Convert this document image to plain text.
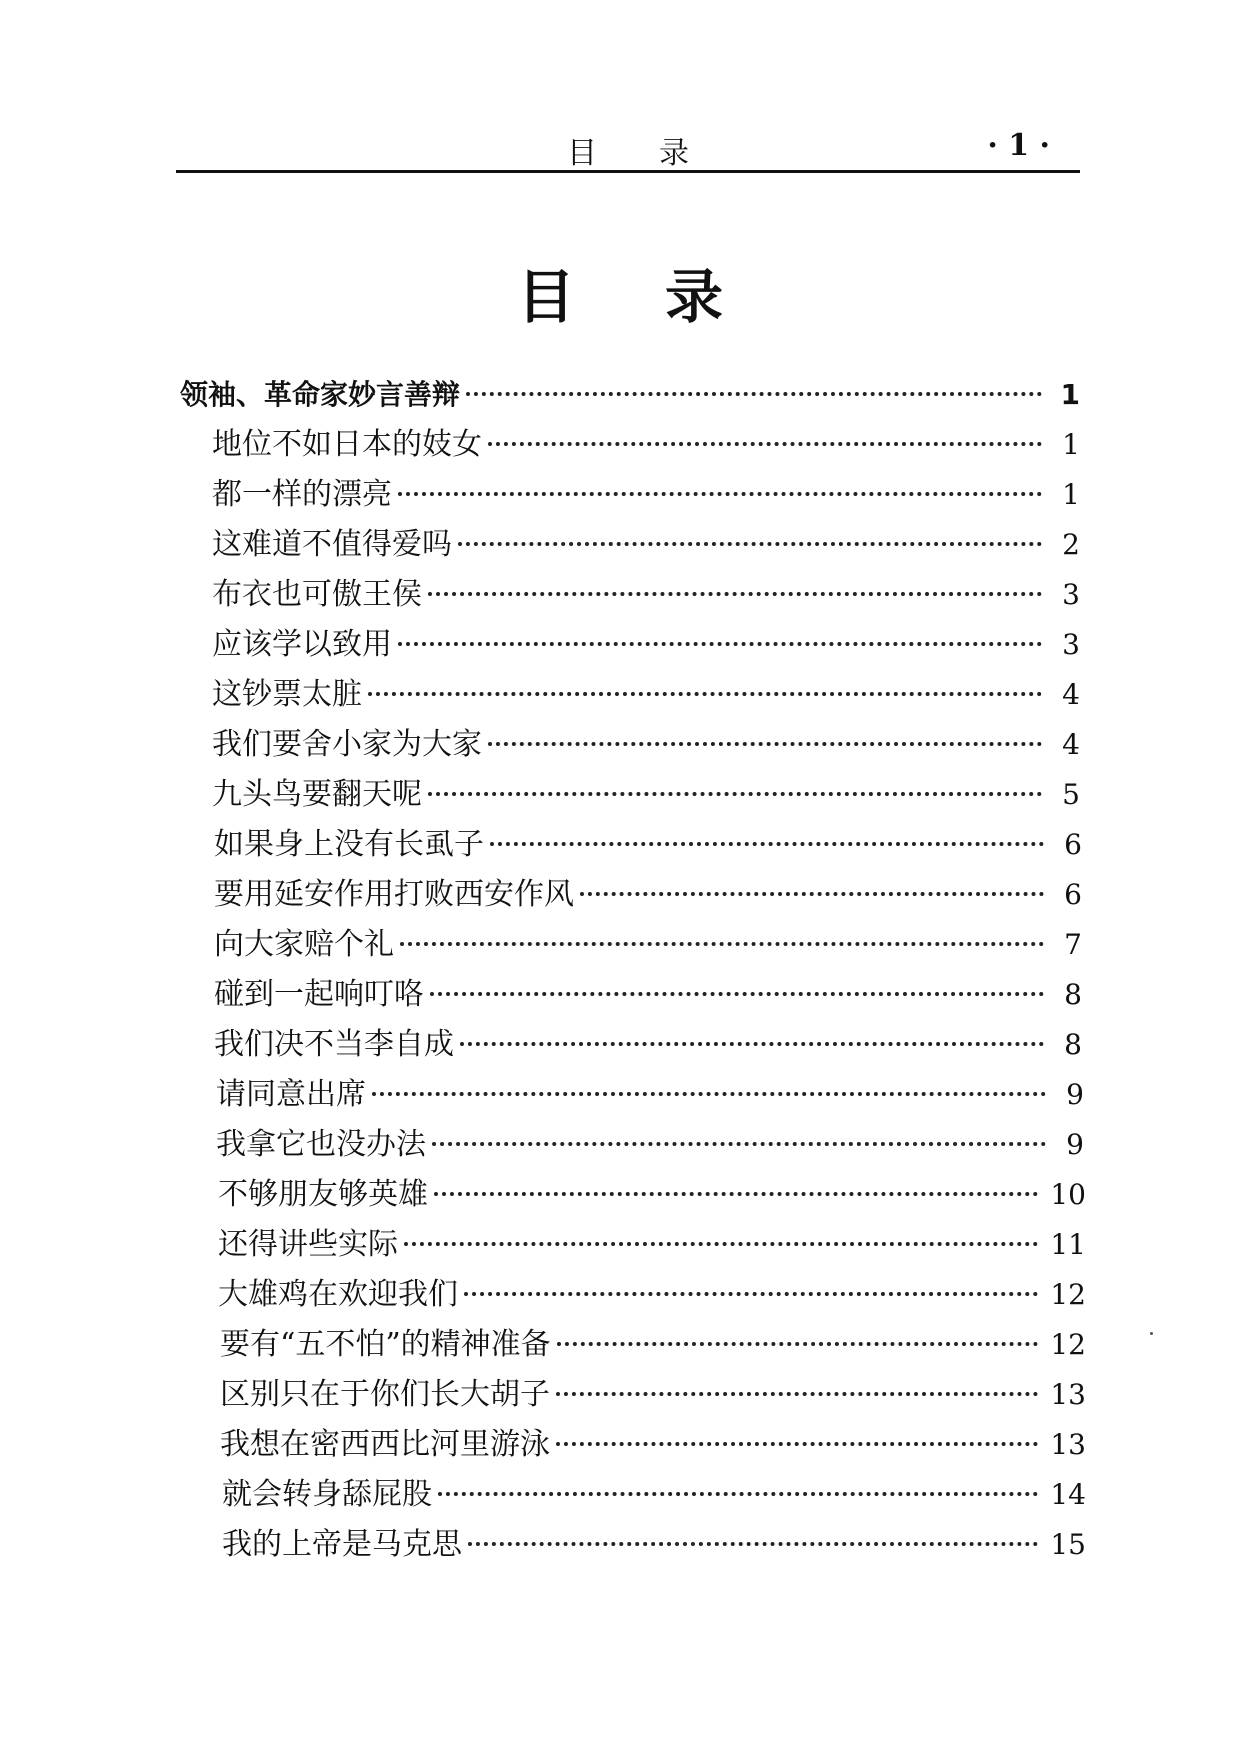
目录	· 1 ·
目录
领袖、革命家妙言善辩	1
地位不如日本的妓女	1
都一样的漂亮	1
这难道不值得爱吗	2
布衣也可傲王侯	3
应该学以致用	3
这钞票太脏	4
我们要舍小家为大家	4
九头鸟要翻天呢	5
如果身上没有长虱子	6
要用延安作用打败西安作风	6
向大家赔个礼	7
碰到一起响叮咯	8
我们决不当李自成	8
请同意出席	9
我拿它也没办法	9
不够朋友够英雄	10
还得讲些实际	11
大雄鸡在欢迎我们	12
要有“五不怕”的精神准备	12
区别只在于你们长大胡子	13
我想在密西西比河里游泳	13
就会转身舔屁股	14
我的上帝是马克思	15
